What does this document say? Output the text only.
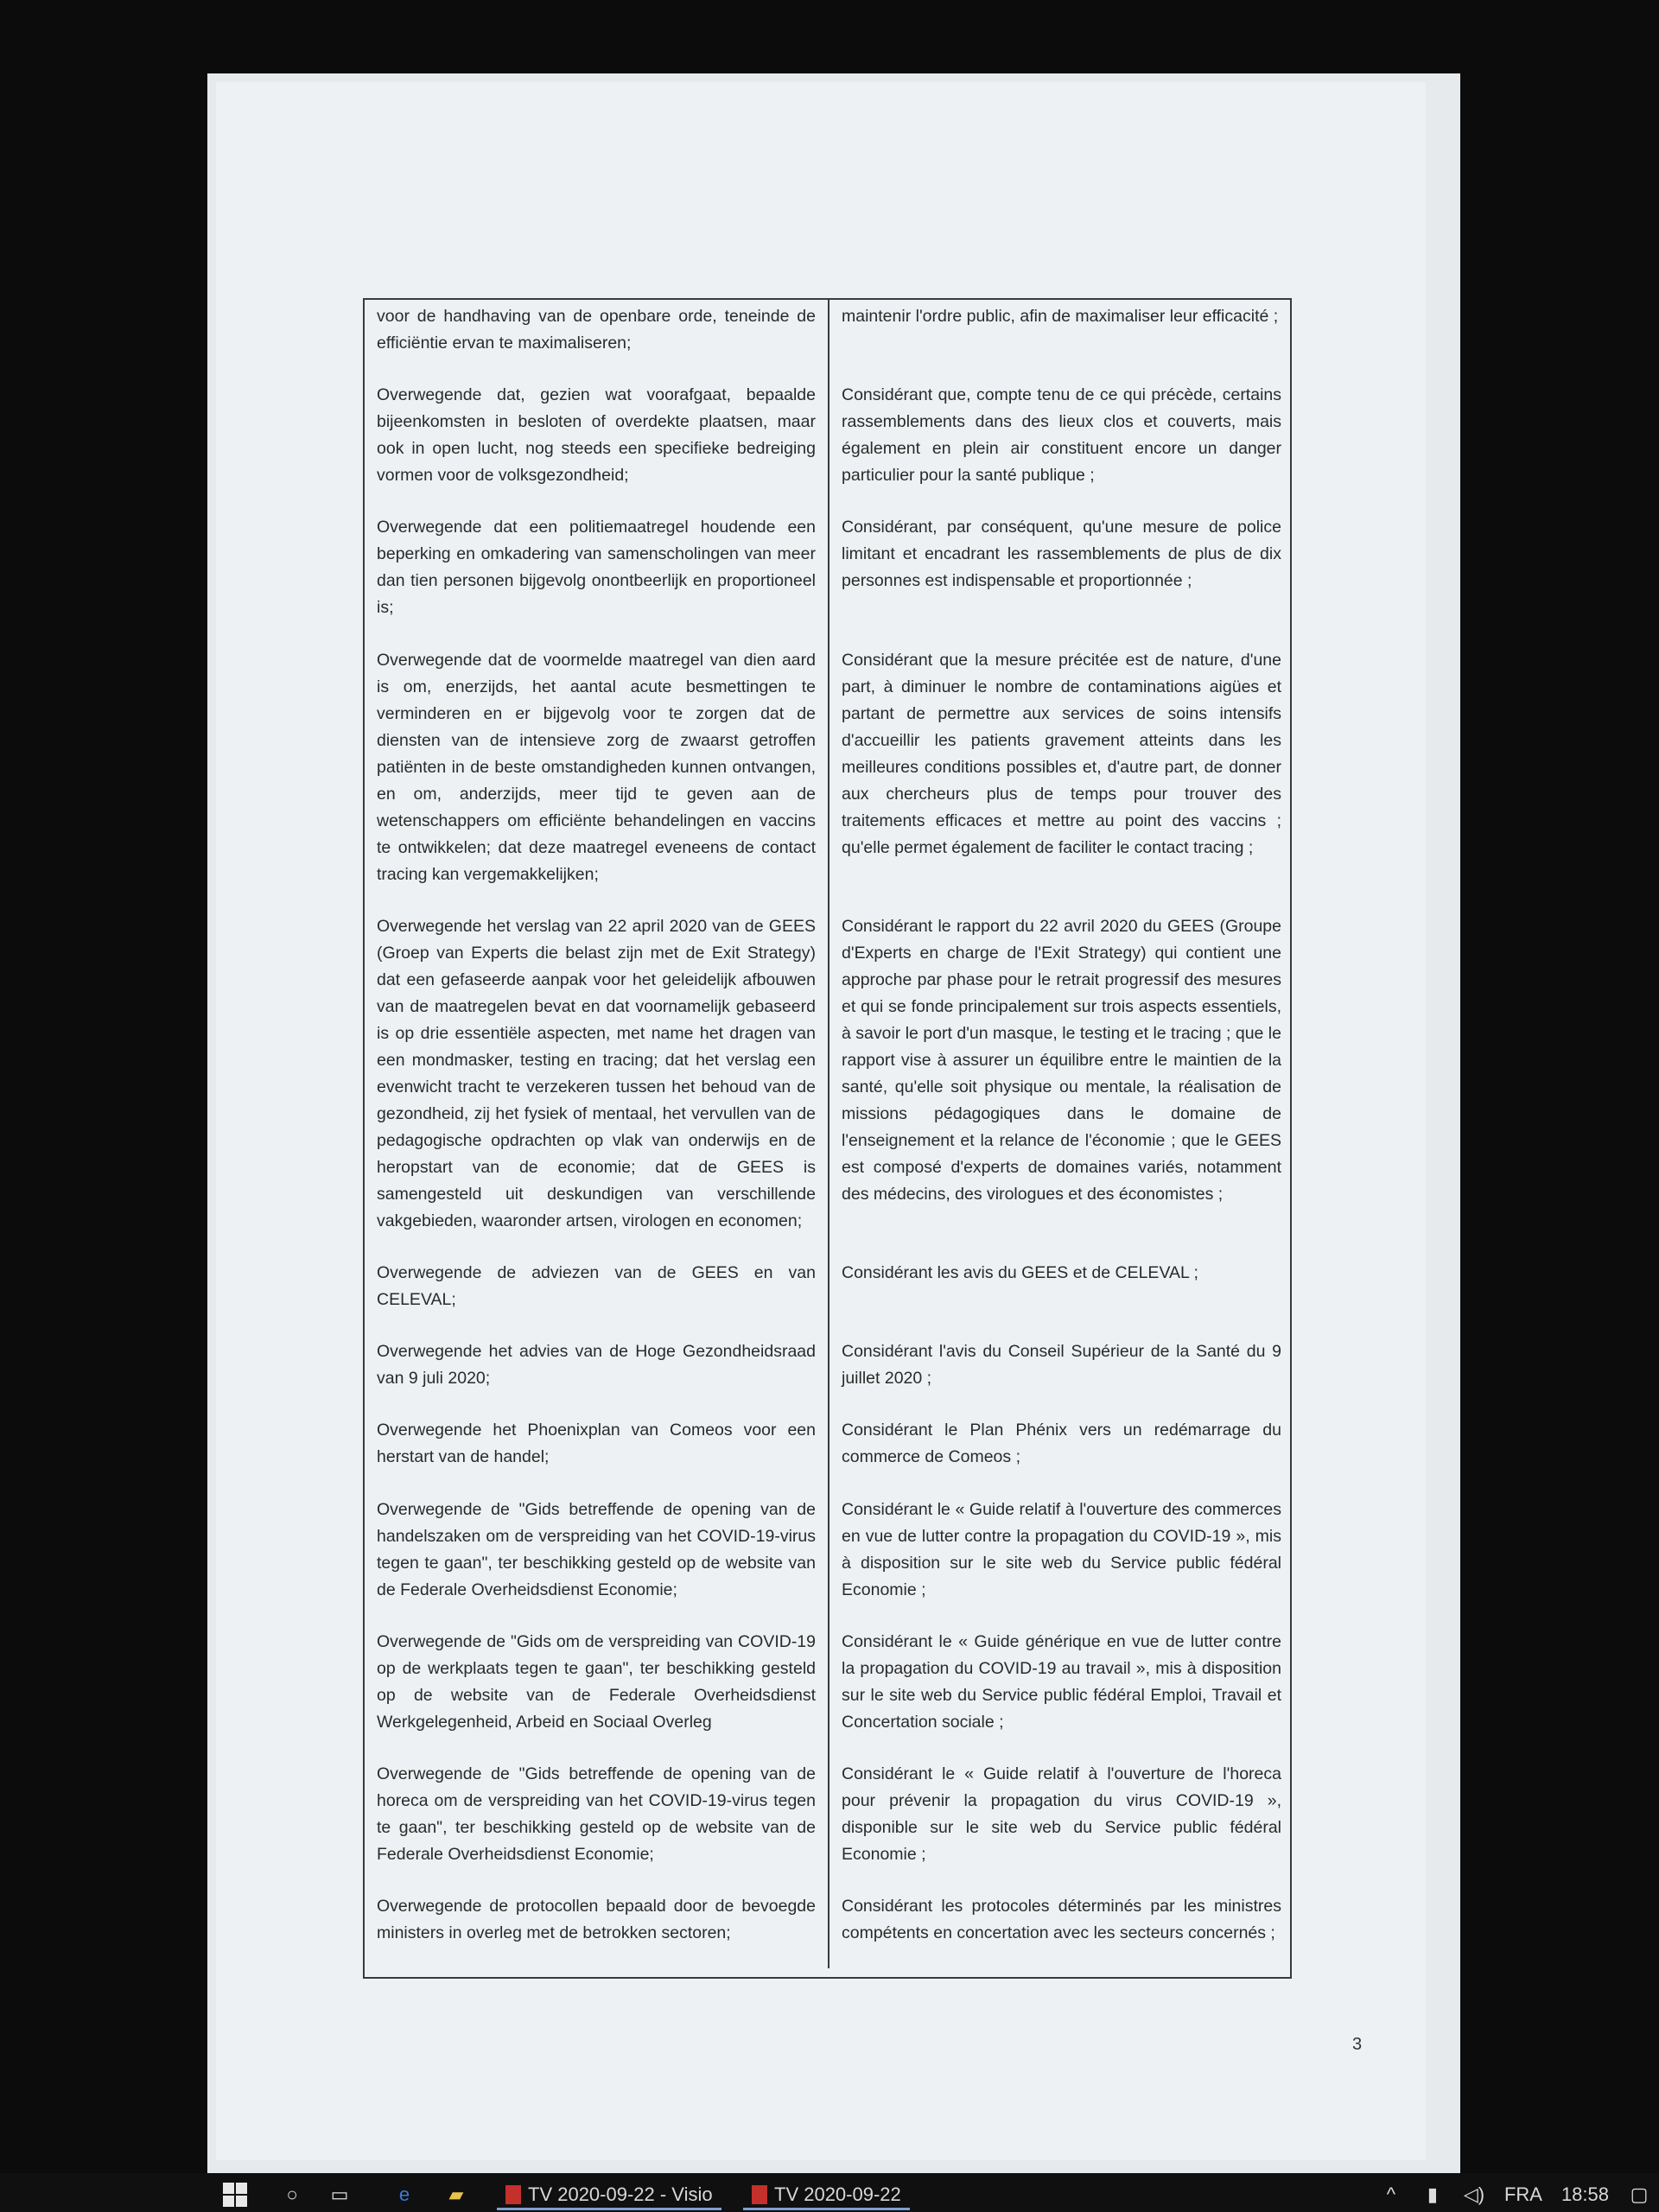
voor de handhaving van de openbare orde, teneinde de efficiëntie ervan te maximaliseren;
maintenir l'ordre public, afin de maximaliser leur efficacité ;
Overwegende dat, gezien wat voorafgaat, bepaalde bijeenkomsten in besloten of overdekte plaatsen, maar ook in open lucht, nog steeds een specifieke bedreiging vormen voor de volksgezondheid;
Considérant que, compte tenu de ce qui précède, certains rassemblements dans des lieux clos et couverts, mais également en plein air constituent encore un danger particulier pour la santé publique ;
Overwegende dat een politiemaatregel houdende een beperking en omkadering van samenscholingen van meer dan tien personen bijgevolg onontbeerlijk en proportioneel is;
Considérant, par conséquent, qu'une mesure de police limitant et encadrant les rassemblements de plus de dix personnes est indispensable et proportionnée ;
Overwegende dat de voormelde maatregel van dien aard is om, enerzijds, het aantal acute besmettingen te verminderen en er bijgevolg voor te zorgen dat de diensten van de intensieve zorg de zwaarst getroffen patiënten in de beste omstandigheden kunnen ontvangen, en om, anderzijds, meer tijd te geven aan de wetenschappers om efficiënte behandelingen en vaccins te ontwikkelen; dat deze maatregel eveneens de contact tracing kan vergemakkelijken;
Considérant que la mesure précitée est de nature, d'une part, à diminuer le nombre de contaminations aigües et partant de permettre aux services de soins intensifs d'accueillir les patients gravement atteints dans les meilleures conditions possibles et, d'autre part, de donner aux chercheurs plus de temps pour trouver des traitements efficaces et mettre au point des vaccins ; qu'elle permet également de faciliter le contact tracing ;
Overwegende het verslag van 22 april 2020 van de GEES (Groep van Experts die belast zijn met de Exit Strategy) dat een gefaseerde aanpak voor het geleidelijk afbouwen van de maatregelen bevat en dat voornamelijk gebaseerd is op drie essentiële aspecten, met name het dragen van een mondmasker, testing en tracing; dat het verslag een evenwicht tracht te verzekeren tussen het behoud van de gezondheid, zij het fysiek of mentaal, het vervullen van de pedagogische opdrachten op vlak van onderwijs en de heropstart van de economie; dat de GEES is samengesteld uit deskundigen van verschillende vakgebieden, waaronder artsen, virologen en economen;
Considérant le rapport du 22 avril 2020 du GEES (Groupe d'Experts en charge de l'Exit Strategy) qui contient une approche par phase pour le retrait progressif des mesures et qui se fonde principalement sur trois aspects essentiels, à savoir le port d'un masque, le testing et le tracing ; que le rapport vise à assurer un équilibre entre le maintien de la santé, qu'elle soit physique ou mentale, la réalisation de missions pédagogiques dans le domaine de l'enseignement et la relance de l'économie ; que le GEES est composé d'experts de domaines variés, notamment des médecins, des virologues et des économistes ;
Overwegende de adviezen van de GEES en van CELEVAL;
Considérant les avis du GEES et de CELEVAL ;
Overwegende het advies van de Hoge Gezondheidsraad van 9 juli 2020;
Considérant l'avis du Conseil Supérieur de la Santé du 9 juillet 2020 ;
Overwegende het Phoenixplan van Comeos voor een herstart van de handel;
Considérant le Plan Phénix vers un redémarrage du commerce de Comeos ;
Overwegende de "Gids betreffende de opening van de handelszaken om de verspreiding van het COVID-19-virus tegen te gaan", ter beschikking gesteld op de website van de Federale Overheidsdienst Economie;
Considérant le « Guide relatif à l'ouverture des commerces en vue de lutter contre la propagation du COVID-19 », mis à disposition sur le site web du Service public fédéral Economie ;
Overwegende de "Gids om de verspreiding van COVID-19 op de werkplaats tegen te gaan", ter beschikking gesteld op de website van de Federale Overheidsdienst Werkgelegenheid, Arbeid en Sociaal Overleg
Considérant le « Guide générique en vue de lutter contre la propagation du COVID-19 au travail », mis à disposition sur le site web du Service public fédéral Emploi, Travail et Concertation sociale ;
Overwegende de "Gids betreffende de opening van de horeca om de verspreiding van het COVID-19-virus tegen te gaan", ter beschikking gesteld op de website van de Federale Overheidsdienst Economie;
Considérant le « Guide relatif à l'ouverture de l'horeca pour prévenir la propagation du virus COVID-19 », disponible sur le site web du Service public fédéral Economie ;
Overwegende de protocollen bepaald door de bevoegde ministers in overleg met de betrokken sectoren;
Considérant les protocoles déterminés par les ministres compétents en concertation avec les secteurs concernés ;
3
○ ▭	e	▰	TV 2020-09-22 - Visio	TV 2020-09-22	^	▮	◁) FRA 18:58 ▢
